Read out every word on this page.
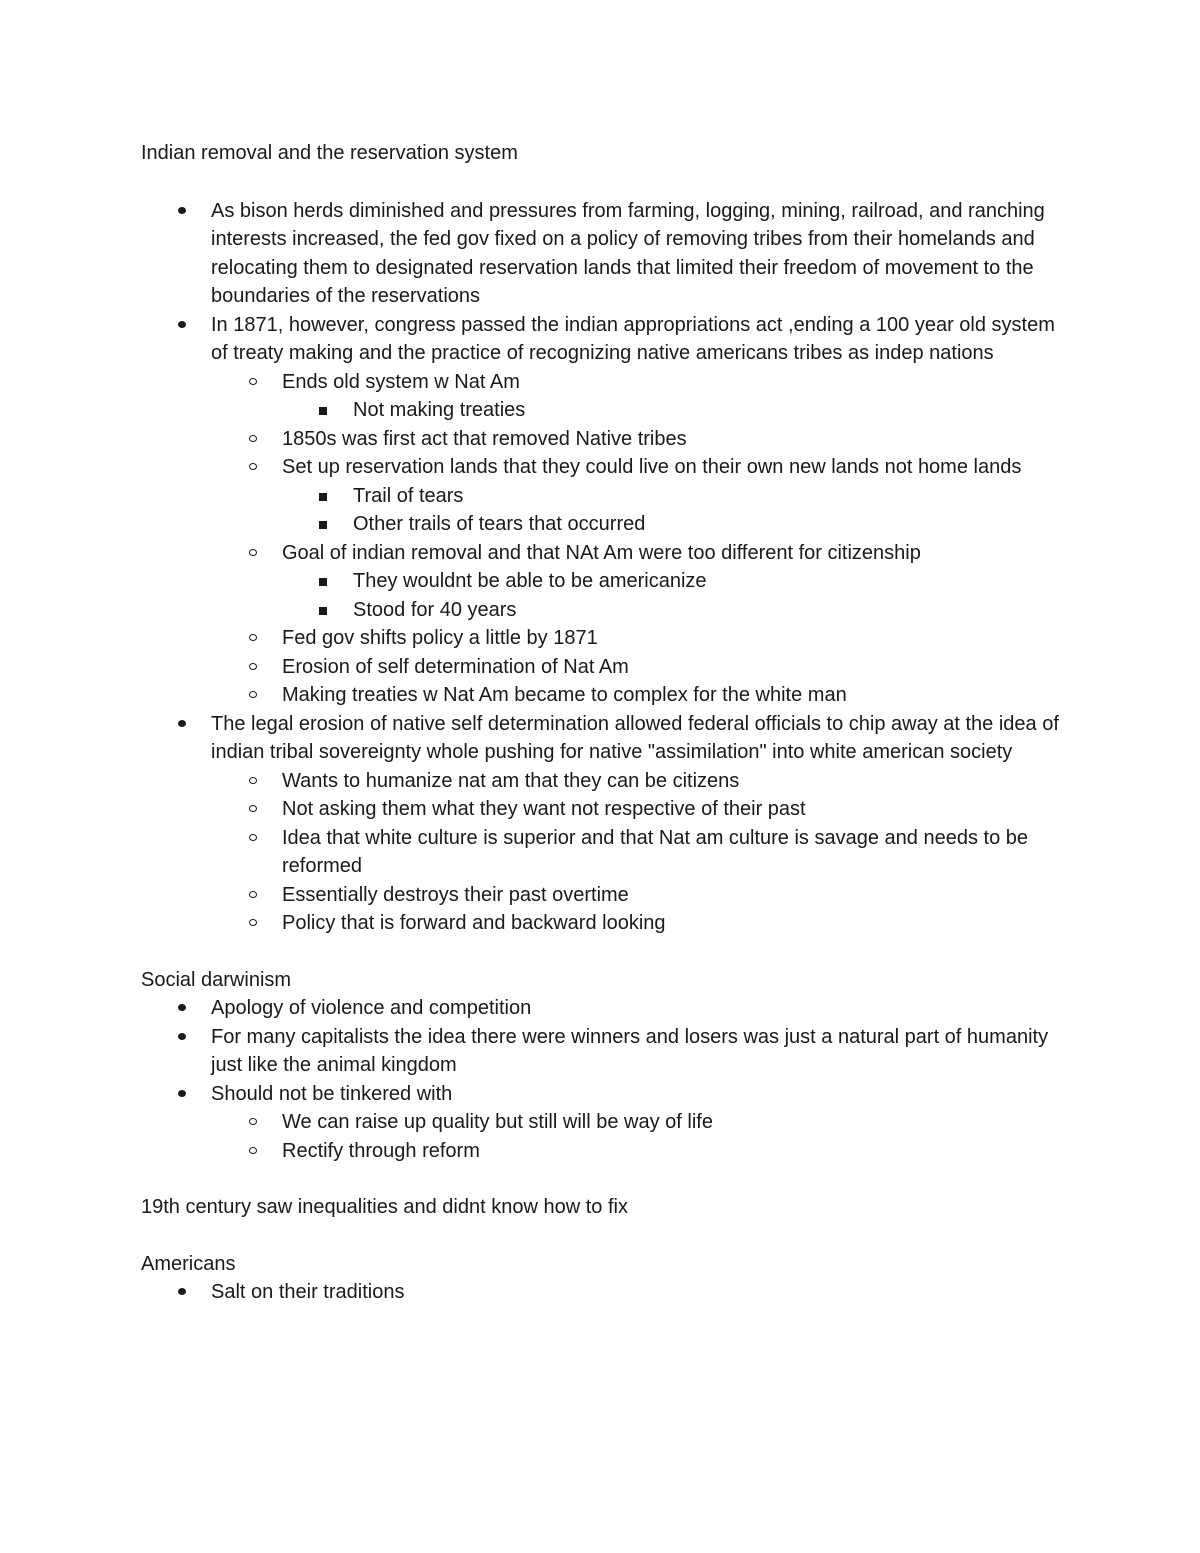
Indian removal and the reservation system

As bison herds diminished and pressures from farming, logging, mining, railroad, and ranching interests increased, the fed gov fixed on a policy of removing tribes from their homelands and relocating them to designated reservation lands that limited their freedom of movement to the boundaries of the reservations
In 1871, however, congress passed the indian appropriations act ,ending a 100 year old system of treaty making and the practice of recognizing native americans tribes as indep nations
Ends old system w Nat Am
Not making treaties
1850s was first act that removed Native tribes
Set up reservation lands that they could live on their own new lands not home lands
Trail of tears
Other trails of tears that occurred
Goal of indian removal and that NAt Am were too different for citizenship
They wouldnt be able to be americanize
Stood for 40 years
Fed gov shifts policy a little by 1871
Erosion of self determination of Nat Am
Making treaties w Nat Am became to complex for the white man
The legal erosion of native self determination allowed federal officials to chip away at the idea of indian tribal sovereignty whole pushing for native "assimilation" into white american society
Wants to humanize nat am that they can be citizens
Not asking them what they want not respective of their past
Idea that white culture is superior and that Nat am culture is savage and needs to be reformed
Essentially destroys their past overtime
Policy that is forward and backward looking

Social darwinism

Apology of violence and competition
For many capitalists the idea there were winners and losers was just a natural part of humanity just like the animal kingdom
Should not be tinkered with
We can raise up quality but still will be way of life
Rectify through reform

19th century saw inequalities and didnt know how to fix

Americans

Salt on their traditions
